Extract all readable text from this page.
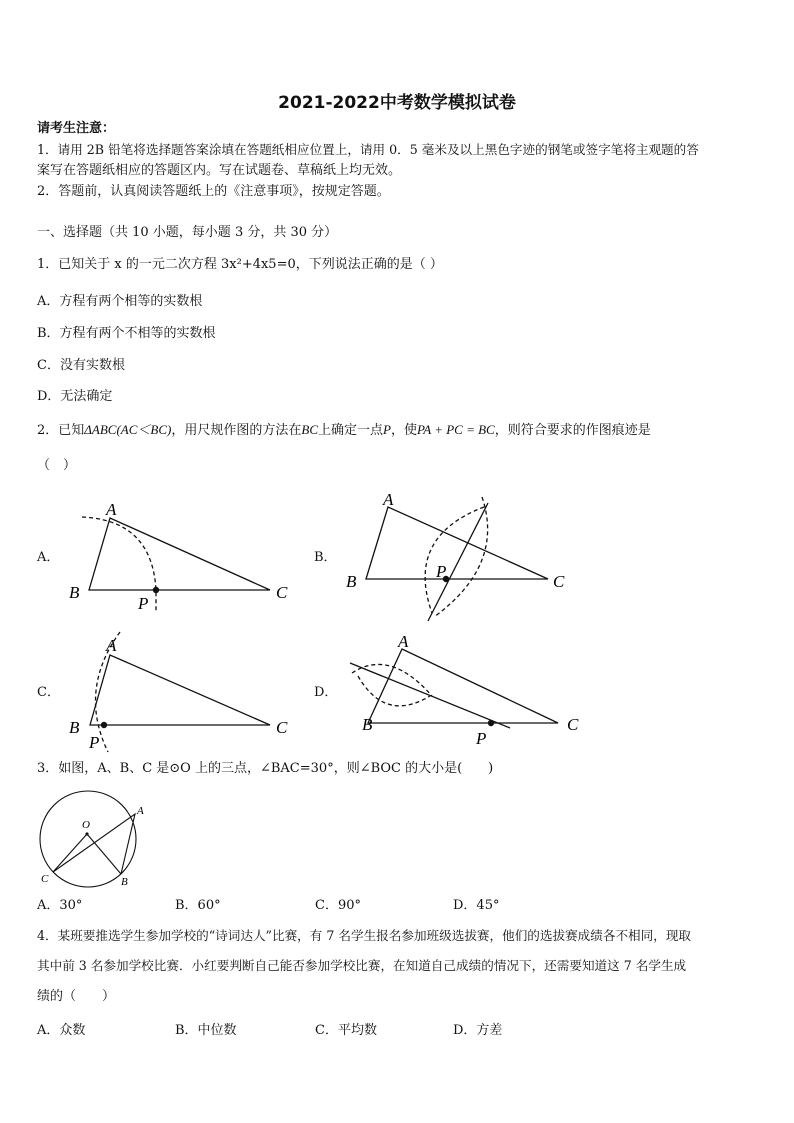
2021-2022中考数学模拟试卷
请考生注意：
1．请用 2B 铅笔将选择题答案涂填在答题纸相应位置上，请用 0．5 毫米及以上黑色字迹的钢笔或签字笔将主观题的答
案写在答题纸相应的答题区内。写在试题卷、草稿纸上均无效。
2．答题前，认真阅读答题纸上的《注意事项》，按规定答题。
一、选择题（共 10 小题，每小题 3 分，共 30 分）
1．已知关于 x 的一元二次方程 3x²+4x5=0，下列说法正确的是（ ）
A．方程有两个相等的实数根
B．方程有两个不相等的实数根
C．没有实数根
D．无法确定
2．已知ΔABC(AC＜BC)，用尺规作图的方法在BC上确定一点P，使PA + PC = BC，则符合要求的作图痕迹是
（　）
A．	B．
C．	D．
A
B	C
P
A
B	C
P
A
B	C
P
A
B	C
P
3．如图，A、B、C 是⊙O 上的三点，∠BAC=30°，则∠BOC 的大小是(　　)
O
A
B
C
A．30°	B．60°	C．90°	D．45°
4．某班要推选学生参加学校的“诗词达人”比赛，有 7 名学生报名参加班级选拔赛，他们的选拔赛成绩各不相同，现取
其中前 3 名参加学校比赛．小红要判断自己能否参加学校比赛，在知道自己成绩的情况下，还需要知道这 7 名学生成
绩的（　　）
A．众数	B．中位数	C．平均数	D．方差
